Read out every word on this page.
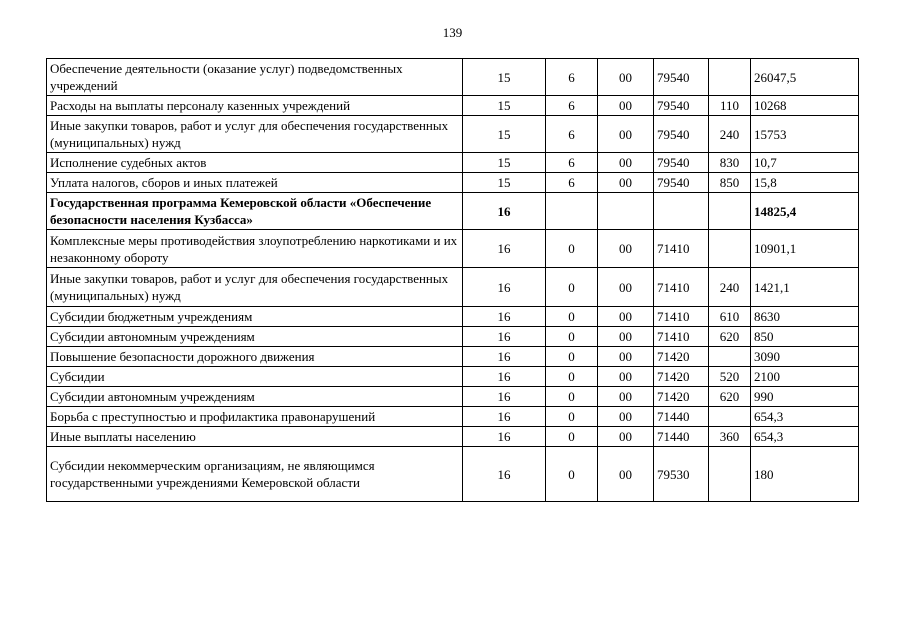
139
Обеспечение деятельности (оказание услуг) подведомственных учреждений	15	6	00	79540		26047,5
Расходы на выплаты персоналу казенных учреждений	15	6	00	79540	110	10268
Иные закупки товаров, работ и услуг для обеспечения государственных (муниципальных) нужд	15	6	00	79540	240	15753
Исполнение судебных актов	15	6	00	79540	830	10,7
Уплата налогов, сборов и иных платежей	15	6	00	79540	850	15,8
Государственная программа Кемеровской области «Обеспечение безопасности населения Кузбасса»	16					14825,4
Комплексные меры противодействия злоупотреблению наркотиками и их незаконному обороту	16	0	00	71410		10901,1
Иные закупки товаров, работ и услуг для обеспечения государственных (муниципальных) нужд	16	0	00	71410	240	1421,1
Субсидии бюджетным учреждениям	16	0	00	71410	610	8630
Субсидии автономным учреждениям	16	0	00	71410	620	850
Повышение безопасности дорожного движения	16	0	00	71420		3090
Субсидии	16	0	00	71420	520	2100
Субсидии автономным учреждениям	16	0	00	71420	620	990
Борьба с преступностью и профилактика правонарушений	16	0	00	71440		654,3
Иные выплаты населению	16	0	00	71440	360	654,3
Субсидии некоммерческим организациям, не являющимся государственными учреждениями Кемеровской области	16	0	00	79530		180
